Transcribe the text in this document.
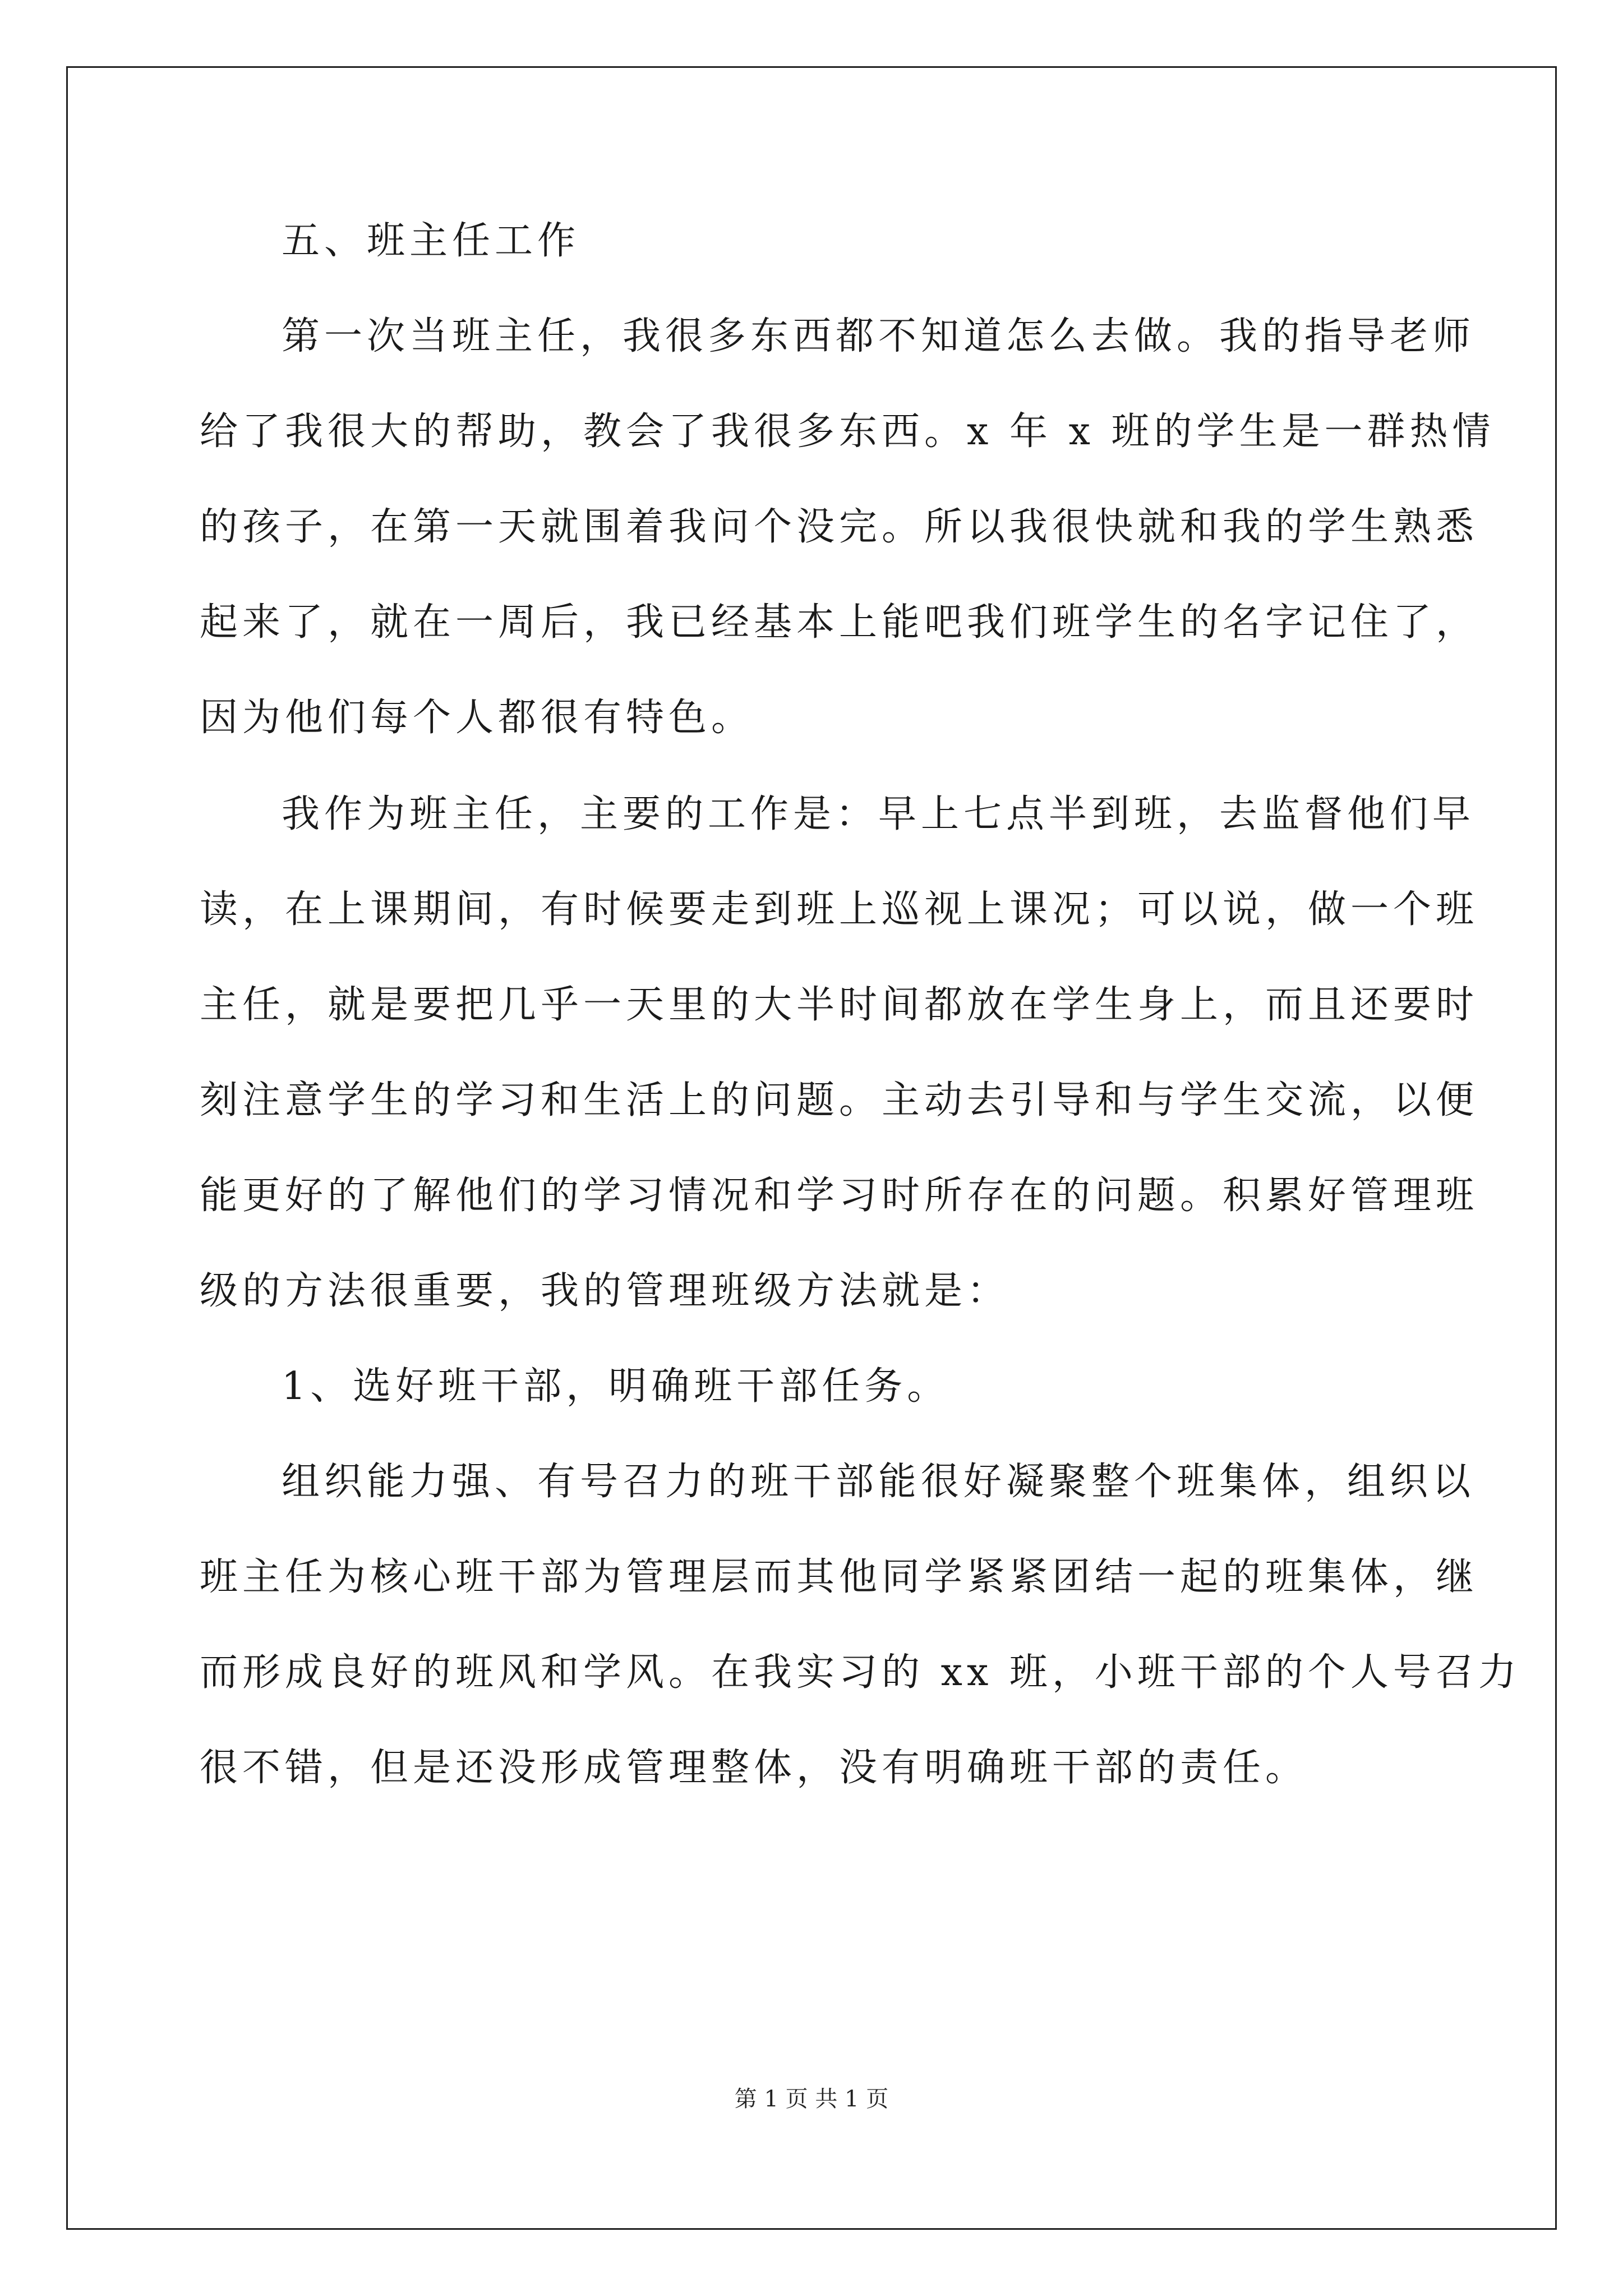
五、班主任工作
第一次当班主任，我很多东西都不知道怎么去做。我的指导老师
给了我很大的帮助，教会了我很多东西。x 年 x 班的学生是一群热情
的孩子，在第一天就围着我问个没完。所以我很快就和我的学生熟悉
起来了，就在一周后，我已经基本上能吧我们班学生的名字记住了，
因为他们每个人都很有特色。
我作为班主任，主要的工作是：早上七点半到班，去监督他们早
读，在上课期间，有时候要走到班上巡视上课况；可以说，做一个班
主任，就是要把几乎一天里的大半时间都放在学生身上，而且还要时
刻注意学生的学习和生活上的问题。主动去引导和与学生交流，以便
能更好的了解他们的学习情况和学习时所存在的问题。积累好管理班
级的方法很重要，我的管理班级方法就是：
1、选好班干部，明确班干部任务。
组织能力强、有号召力的班干部能很好凝聚整个班集体，组织以
班主任为核心班干部为管理层而其他同学紧紧团结一起的班集体，继
而形成良好的班风和学风。在我实习的 xx 班，小班干部的个人号召力
很不错，但是还没形成管理整体，没有明确班干部的责任。
第 1 页 共 1 页
